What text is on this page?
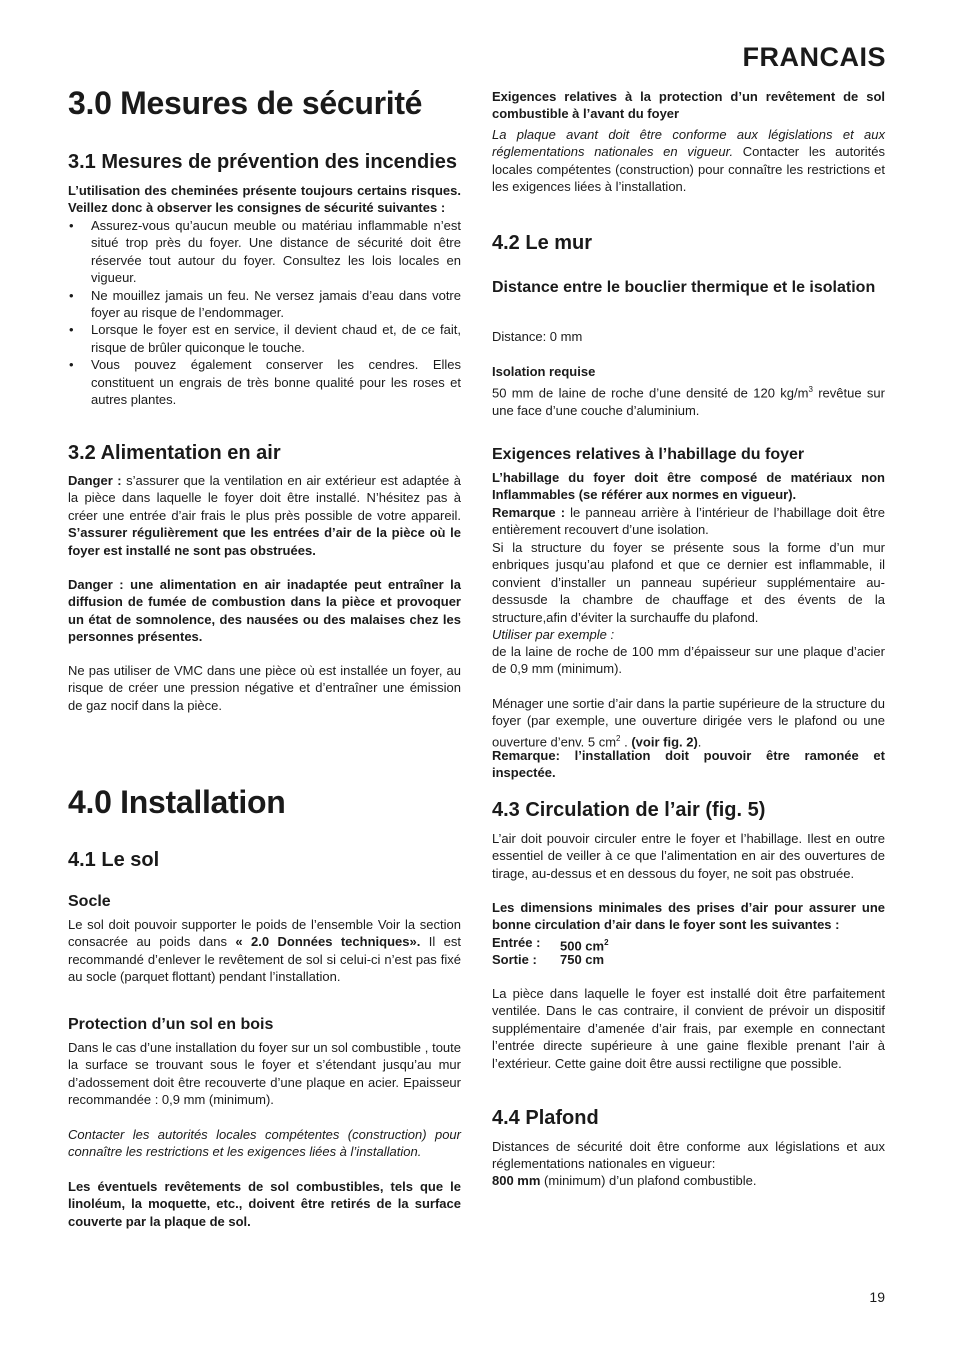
FRANCAIS
3.0 Mesures de sécurité
3.1 Mesures de prévention des incendies

L’utilisation des cheminées présente toujours certains risques. Veillez donc à observer les consignes de sécurité suivantes :

• Assurez-vous qu’aucun meuble ou matériau inflammable n’est situé trop près du foyer. Une distance de sécurité doit être réservée tout autour du foyer. Consultez les lois locales en vigueur.
• Ne mouillez jamais un feu. Ne versez jamais d’eau dans votre foyer au risque de l’endommager.
• Lorsque le foyer est en service, il devient chaud et, de ce fait, risque de brûler quiconque le touche.
• Vous pouvez également conserver les cendres. Elles constituent un engrais de très bonne qualité pour les roses et autres plantes.
3.2 Alimentation en air

Danger : s’assurer que la ventilation en air extérieur est adaptée à la pièce dans laquelle le foyer doit être installé. N’hésitez pas à créer une entrée d’air frais le plus près possible de votre appareil. S’assurer régulièrement que les entrées d’air de la pièce où le foyer est installé ne sont pas obstruées.

Danger : une alimentation en air inadaptée peut entraîner la diffusion de fumée de combustion dans la pièce et provoquer un état de somnolence, des nausées ou des malaises chez les personnes présentes.

Ne pas utiliser de VMC dans une pièce où est installée un foyer, au risque de créer une pression négative et d’entraîner une émission de gaz nocif dans la pièce.

4.0 Installation
4.1 Le sol
Socle

Le sol doit pouvoir supporter le poids de l’ensemble Voir la section consacrée au poids dans « 2.0 Données techniques». Il est recommandé d’enlever le revêtement de sol si celui-ci n’est pas fixé au socle (parquet flottant) pendant l’installation.

Protection d’un sol en bois

Dans le cas d’une installation du foyer sur un sol combustible , toute la surface se trouvant sous le foyer et s’étendant jusqu’au mur d’adossement doit être recouverte d’une plaque en acier. Epaisseur recommandée : 0,9 mm (minimum).

Contacter les autorités locales compétentes (construction) pour connaître les restrictions et les exigences liées à l’installation.

Les éventuels revêtements de sol combustibles, tels que le linoléum, la moquette, etc., doivent être retirés de la surface couverte par la plaque de sol.

Exigences relatives à la protection d’un revêtement de sol combustible à l’avant du foyer

La plaque avant doit être conforme aux législations et aux réglementations nationales en vigueur. Contacter les autorités locales compétentes (construction) pour connaître les restrictions et les exigences liées à l’installation.

4.2 Le mur
Distance entre le bouclier thermique et le isolation

Distance: 0 mm

Isolation requise

50 mm de laine de roche d’une densité de 120 $kg/m^3$ revêtue sur une face d’une couche d’aluminium.

Exigences relatives à l’habillage du foyer

L’habillage du foyer doit être composé de matériaux non Inflammables (se référer aux normes en vigueur).

Remarque : le panneau arrière à l’intérieur de l’habillage doit être entièrement recouvert d’une isolation.

Si la structure du foyer se présente sous la forme d’un mur enbriques jusqu’au plafond et que ce dernier est inflammable, il convient d’installer un panneau supérieur supplémentaire au-dessusde la chambre de chauffage et des évents de la structure,afin d’éviter la surchauffe du plafond.

Utiliser par exemple :

de la laine de roche de 100 mm d’épaisseur sur une plaque d’acier de 0,9 mm (minimum).

Ménager une sortie d’air dans la partie supérieure de la structure du foyer (par exemple, une ouverture dirigée vers le plafond ou une ouverture d’env. 5 $cm^2$ . (voir fig. 2).

Remarque: l’installation doit pouvoir être ramonée et inspectée.

4.3 Circulation de l’air (fig. 5)

L’air doit pouvoir circuler entre le foyer et l’habillage. Ilest en outre essentiel de veiller à ce que l’alimentation en air des ouvertures de tirage, au-dessus et en dessous du foyer, ne soit pas obstruée.

Les dimensions minimales des prises d’air pour assurer une bonne circulation d’air dans le foyer sont les suivantes :

Entrée :	500 $cm^2$
Sortie :	750 cm

La pièce dans laquelle le foyer est installé doit être parfaitement ventilée. Dans le cas contraire, il convient de prévoir un dispositif supplémentaire d’amenée d’air frais, par exemple en connectant l’entrée directe supérieure à une gaine flexible prenant l’air à l’extérieur. Cette gaine doit être aussi rectiligne que possible.

4.4 Plafond

Distances de sécurité doit être conforme aux législations et aux réglementations nationales en vigueur:

800 mm (minimum) d’un plafond combustible.

19
